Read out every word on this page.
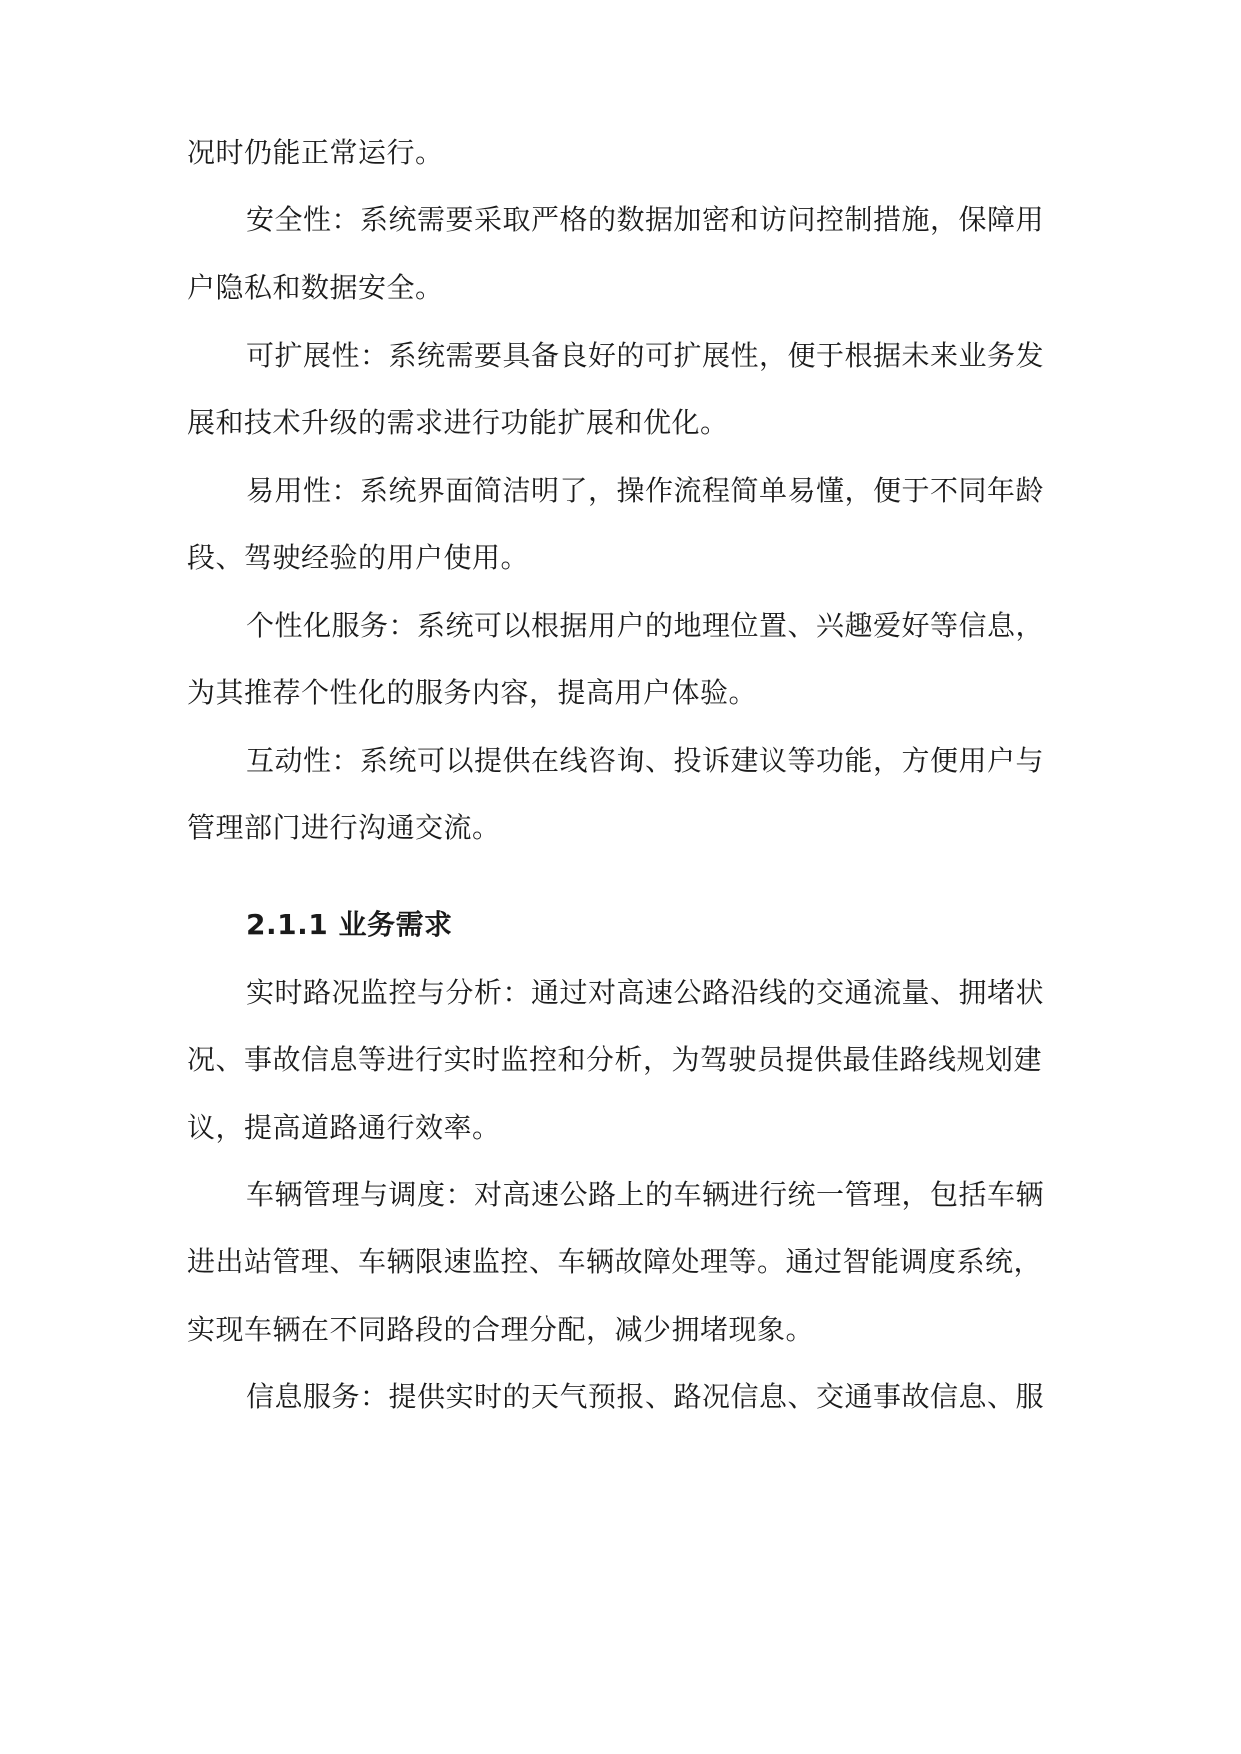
况时仍能正常运行。
安全性：系统需要采取严格的数据加密和访问控制措施，保障用
户隐私和数据安全。
可扩展性：系统需要具备良好的可扩展性，便于根据未来业务发
展和技术升级的需求进行功能扩展和优化。
易用性：系统界面简洁明了，操作流程简单易懂，便于不同年龄
段、驾驶经验的用户使用。
个性化服务：系统可以根据用户的地理位置、兴趣爱好等信息，
为其推荐个性化的服务内容，提高用户体验。
互动性：系统可以提供在线咨询、投诉建议等功能，方便用户与
管理部门进行沟通交流。
2.1.1 业务需求
实时路况监控与分析：通过对高速公路沿线的交通流量、拥堵状
况、事故信息等进行实时监控和分析，为驾驶员提供最佳路线规划建
议，提高道路通行效率。
车辆管理与调度：对高速公路上的车辆进行统一管理，包括车辆
进出站管理、车辆限速监控、车辆故障处理等。通过智能调度系统，
实现车辆在不同路段的合理分配，减少拥堵现象。
信息服务：提供实时的天气预报、路况信息、交通事故信息、服
